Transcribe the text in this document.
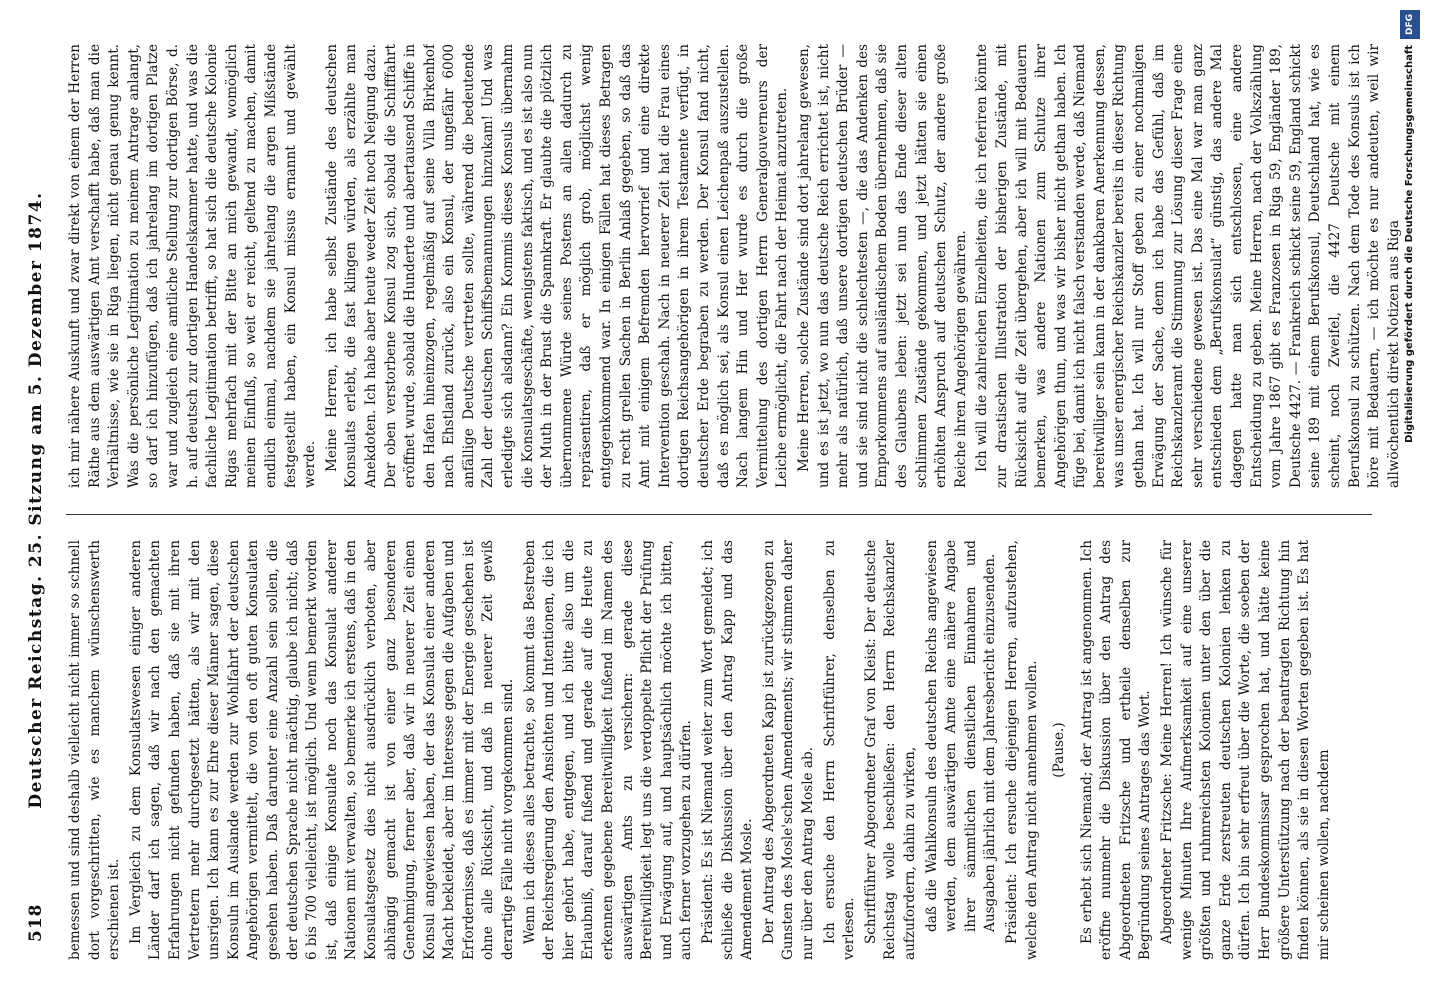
518
Deutscher Reichstag. 25. Sitzung am 5. Dezember 1874. bemessen und sind deshalb vielleicht nicht immer so schnell dort vorgeschritten, wie es manchem wünschenswerth erschienen ist. Im Vergleich zu dem Konsulatswesen einiger anderen Länder darf ich sagen, daß wir nach den gemachten Erfahrungen nicht gefunden haben, daß sie mit ihren Vertretern mehr durchgesetzt hätten, als wir mit den unsrigen. Ich kann es zur Ehre dieser Männer sagen, diese Konsuln im Auslande werden zur Wohlfahrt der deutschen Angehörigen vermittelt, die von den oft guten Konsulaten gesehen haben. Daß darunter eine Anzahl sein sollen, die der deutschen Sprache nicht mächtig, glaube ich nicht; daß 6 bis 700 vielleicht, ist möglich. Und wenn bemerkt worden ist, daß einige Konsulate noch das Konsulat anderer Nationen mit verwalten, so bemerke ich erstens, daß in den Konsulatsgesetz dies nicht ausdrücklich verboten, aber abhängig gemacht ist von einer ganz besonderen Genehmigung, ferner aber, daß wir in neuerer Zeit einen Konsul angewiesen haben, der das Konsulat einer anderen Macht bekleidet, aber im Interesse gegen die Aufgaben und Erfordernisse, daß es immer mit der Energie geschehen ist ohne alle Rücksicht, und daß in neuerer Zeit gewiß derartige Fälle nicht vorgekommen sind. Wenn ich dieses alles betrachte, so kommt das Bestreben der Reichsregierung den Ansichten und Intentionen, die ich hier gehört habe, entgegen, und ich bitte also um die Erlaubniß, darauf fußend und gerade auf die Heute zu erkennen gegebene Bereitwilligkeit fußend im Namen des auswärtigen Amts zu versichern: gerade diese Bereitwilligkeit legt uns die verdoppelte Pflicht der Prüfung und Erwägung auf, und hauptsächlich möchte ich bitten, auch ferner vorzugehen zu dürfen. Präsident: Es ist Niemand weiter zum Wort gemeldet; ich schließe die Diskussion über den Antrag Kapp und das Amendement Mosle. Der Antrag des Abgeordneten Kapp ist zurückgezogen zu Gunsten des Mosle'schen Amendements; wir stimmen daher nur über den Antrag Mosle ab. Ich ersuche den Herrn Schriftführer, denselben zu verlesen. Schriftführer Abgeordneter Graf von Kleist: Der deutsche Reichstag wolle beschließen: den Herrn Reichskanzler aufzufordern, dahin zu wirken, daß die Wahlkonsuln des deutschen Reichs angewiesen werden, dem auswärtigen Amte eine nähere Angabe ihrer sämmtlichen dienstlichen Einnahmen und Ausgaben jährlich mit dem Jahresbericht einzusenden. Präsident: Ich ersuche diejenigen Herren, aufzustehen, welche den Antrag nicht annehmen wollen. (Pause.) Es erhebt sich Niemand; der Antrag ist angenommen. Ich eröffne nunmehr die Diskussion über den Antrag des Abgeordneten Fritzsche und ertheile denselben zur Begründung seines Antrages das Wort. Abgeordneter Fritzsche: Meine Herren! Ich wünsche für wenige Minuten Ihre Aufmerksamkeit auf eine unserer größten und ruhmreichsten Kolonien unter den über die ganze Erde zerstreuten deutschen Kolonien lenken zu dürfen. Ich bin sehr erfreut über die Worte, die soeben der Herr Bundeskommissar gesprochen hat, und hätte keine größere Unterstützung nach der beantragten Richtung hin finden können, als sie in diesen Worten gegeben ist. Es hat mir scheinen wollen, nachdem

ich mir nähere Auskunft und zwar direkt von einem der Herren Räthe aus dem auswärtigen Amt verschafft habe, daß man die Verhältnisse, wie sie in Riga liegen, nicht genau genug kennt. Was die persönliche Legitimation zu meinem Antrage anlangt, so darf ich hinzufügen, daß ich jahrelang im dortigen Platze war und zugleich eine amtliche Stellung zur dortigen Börse, d. h. auf deutsch zur dortigen Handelskammer hatte, und was die fachliche Legitimation betrifft, so hat sich die deutsche Kolonie Rigas mehrfach mit der Bitte an mich gewandt, womöglich meinen Einfluß, so weit er reicht, geltend zu machen, damit endlich einmal, nachdem sie jahrelang die argen Mißstände festgestellt haben, ein Konsul missus ernannt und gewählt werde. Meine Herren, ich habe selbst Zustände des deutschen Konsulats erlebt, die fast klingen würden, als erzählte man Anekdoten. Ich habe aber heute weder Zeit noch Neigung dazu. Der oben verstorbene Konsul zog sich, sobald die Schifffahrt eröffnet wurde, sobald die Hunderte und abertausend Schiffe in den Hafen hineinzogen, regelmäßig auf seine Villa Birkenhof nach Ehstland zurück, also ein Konsul, der ungefähr 6000 anfällige Deutsche vertreten sollte, während die bedeutende Zahl der deutschen Schiffsbemannungen hinzukam! Und was erledigte sich alsdann? Ein Kommis dieses Konsuls übernahm die Konsulatsgeschäfte, wenigstens faktisch, und es ist also nun der Muth in der Brust die Spannkraft. Er glaubte die plötzlich übernommene Würde seines Postens an allen dadurch zu repräsentiren, daß er möglich grob, möglichst wenig entgegenkommend war. In einigen Fällen hat dieses Betragen zu recht grellen Sachen in Berlin Anlaß gegeben, so daß das Amt mit einigem Befremden hervorrief und eine direkte Intervention geschah. Nach in neuerer Zeit hat die Frau eines dortigen Reichsangehörigen in ihrem Testamente verfügt, in deutscher Erde begraben zu werden. Der Konsul fand nicht, daß es möglich sei, als Konsul einen Leichenpaß auszustellen. Nach langem Hin und Her wurde es durch die große Vermittelung des dortigen Herrn Generalgouverneurs der Leiche ermöglicht, die Fahrt nach der Heimat anzutreten. Meine Herren, solche Zustände sind dort jahrelang gewesen, und es ist jetzt, wo nun das deutsche Reich errichtet ist, nicht mehr als natürlich, daß unsere dortigen deutschen Brüder — und sie sind nicht die schlechtesten —, die das Andenken des Emporkommens auf ausländischem Boden übernehmen, daß sie des Glaubens leben: jetzt sei nun das Ende dieser alten schlimmen Zustände gekommen, und jetzt hätten sie einen erhöhten Anspruch auf deutschen Schutz, der andere große Reiche ihren Angehörigen gewähren. Ich will die zahlreichen Einzelheiten, die ich referiren könnte zur drastischen Illustration der bisherigen Zustände, mit Rücksicht auf die Zeit übergehen, aber ich will mit Bedauern bemerken, was andere Nationen zum Schutze ihrer Angehörigen thun, und was wir bisher nicht gethan haben. Ich füge bei, damit ich nicht falsch verstanden werde, daß Niemand bereitwilliger sein kann in der dankbaren Anerkennung dessen, was unser energischer Reichskanzler bereits in dieser Richtung gethan hat. Ich will nur Stoff geben zu einer nochmaligen Erwägung der Sache, denn ich habe das Gefühl, daß im Reichskanzleramt die Stimmung zur Lösung dieser Frage eine sehr verschiedene gewesen ist. Das eine Mal war man ganz entschieden dem „Berufskonsulat“ günstig, das andere Mal dagegen hatte man sich entschlossen, eine andere Entscheidung zu geben. Meine Herren, nach der Volkszählung vom Jahre 1867 gibt es Franzosen in Riga 59, Engländer 189, Deutsche 4427. — Frankreich schickt seine 59, England schickt seine 189 mit einem Berufskonsul, Deutschland hat, wie es scheint, noch Zweifel, die 4427 Deutsche mit einem Berufskonsul zu schützen. Nach dem Tode des Konsuls ist ich höre mit Bedauern, — ich möchte es nur andeuten, weil wir allwöchentlich direkt Notizen aus Riga Digitalisierung gefördert durch die Deutsche ForschungsgemeinschaftDFG
